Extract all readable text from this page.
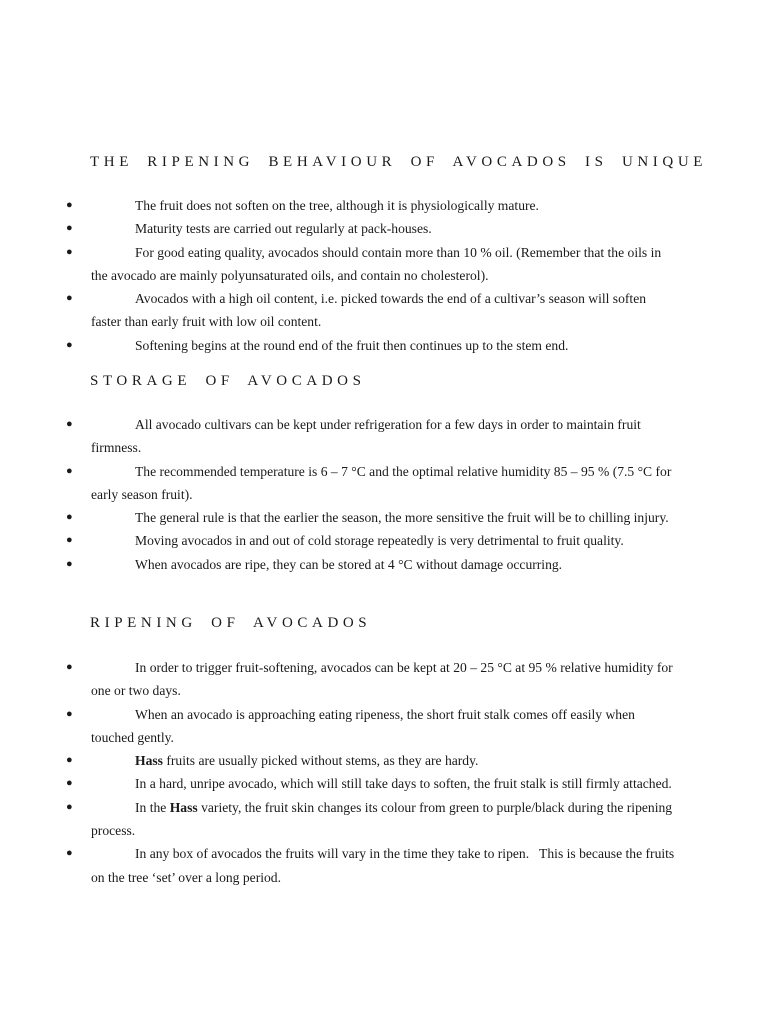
THE RIPENING BEHAVIOUR OF AVOCADOS IS UNIQUE
●	The fruit does not soften on the tree, although it is physiologically mature.
●	Maturity tests are carried out regularly at pack-houses.
●	For good eating quality, avocados should contain more than 10 % oil. (Remember that the oils in the avocado are mainly polyunsaturated oils, and contain no cholesterol).
●	Avocados with a high oil content, i.e. picked towards the end of a cultivar’s season will soften faster than early fruit with low oil content.
●	Softening begins at the round end of the fruit then continues up to the stem end.
STORAGE OF AVOCADOS
●	All avocado cultivars can be kept under refrigeration for a few days in order to maintain fruit firmness.
●	The recommended temperature is 6 – 7 °C and the optimal relative humidity 85 – 95 % (7.5 °C for early season fruit).
●	The general rule is that the earlier the season, the more sensitive the fruit will be to chilling injury.
●	Moving avocados in and out of cold storage repeatedly is very detrimental to fruit quality.
●	When avocados are ripe, they can be stored at 4 °C without damage occurring.
RIPENING OF AVOCADOS
●	In order to trigger fruit-softening, avocados can be kept at 20 – 25 °C at 95 % relative humidity for one or two days.
●	When an avocado is approaching eating ripeness, the short fruit stalk comes off easily when touched gently.
●	Hass fruits are usually picked without stems, as they are hardy.
●	In a hard, unripe avocado, which will still take days to soften, the fruit stalk is still firmly attached.
●	In the Hass variety, the fruit skin changes its colour from green to purple/black during the ripening process.
●	In any box of avocados the fruits will vary in the time they take to ripen.   This is because the fruits on the tree ‘set’ over a long period.
